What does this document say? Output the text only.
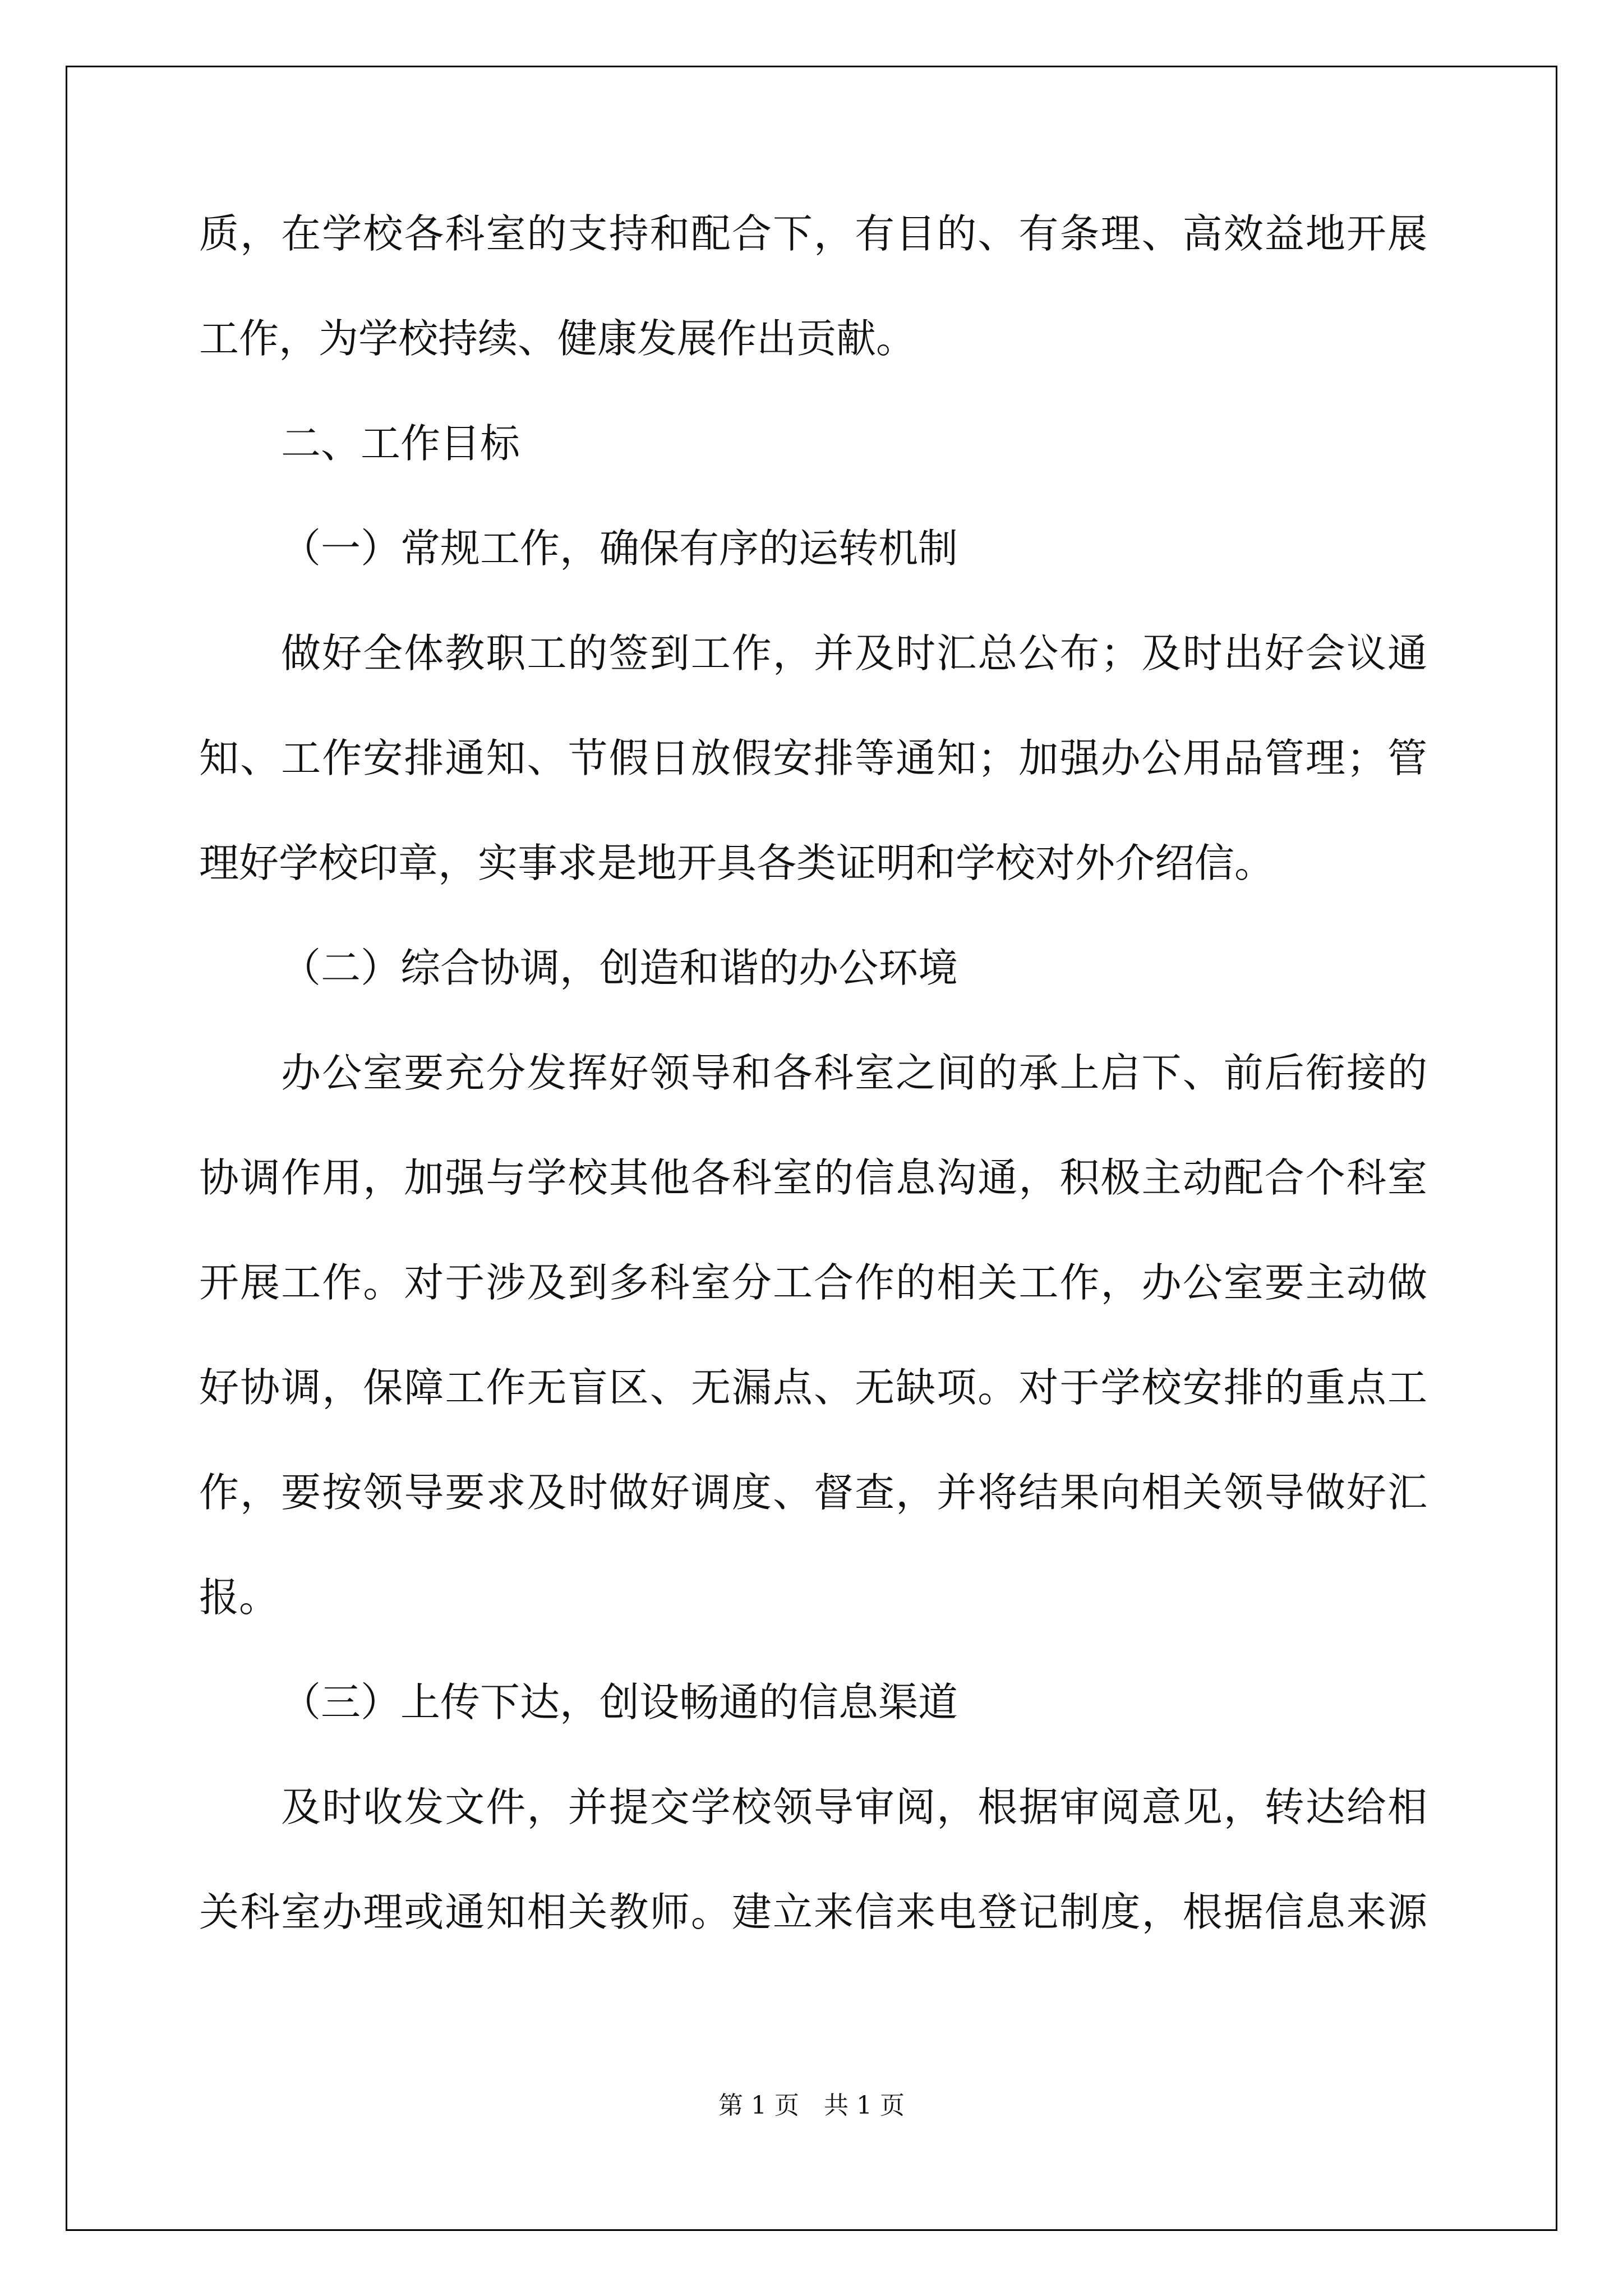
质，在学校各科室的支持和配合下，有目的、有条理、高效益地开展
工作，为学校持续、健康发展作出贡献。
二、工作目标
（一）常规工作，确保有序的运转机制
做好全体教职工的签到工作，并及时汇总公布；及时出好会议通
知、工作安排通知、节假日放假安排等通知；加强办公用品管理；管
理好学校印章，实事求是地开具各类证明和学校对外介绍信。
（二）综合协调，创造和谐的办公环境
办公室要充分发挥好领导和各科室之间的承上启下、前后衔接的
协调作用，加强与学校其他各科室的信息沟通，积极主动配合个科室
开展工作。对于涉及到多科室分工合作的相关工作，办公室要主动做
好协调，保障工作无盲区、无漏点、无缺项。对于学校安排的重点工
作，要按领导要求及时做好调度、督查，并将结果向相关领导做好汇
报。
（三）上传下达，创设畅通的信息渠道
及时收发文件，并提交学校领导审阅，根据审阅意见，转达给相
关科室办理或通知相关教师。建立来信来电登记制度，根据信息来源
第 1 页　共 1 页
